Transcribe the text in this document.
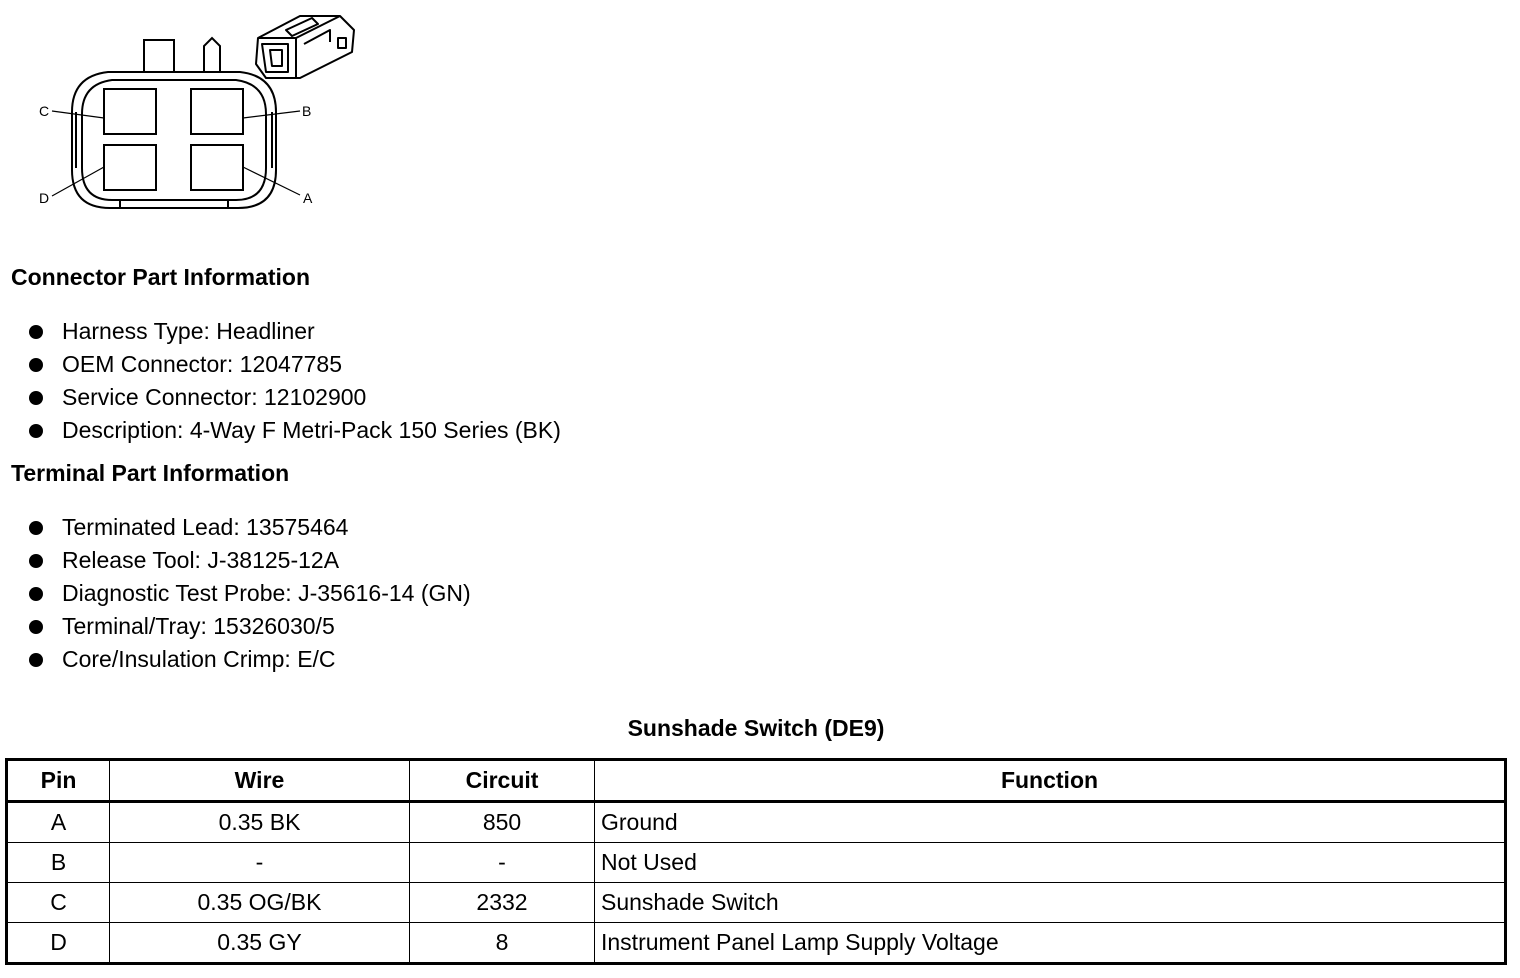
C	B
D	A
Connector Part Information
Harness Type: Headliner
OEM Connector: 12047785
Service Connector: 12102900
Description: 4-Way F Metri-Pack 150 Series (BK)
Terminal Part Information
Terminated Lead: 13575464
Release Tool: J-38125-12A
Diagnostic Test Probe: J-35616-14 (GN)
Terminal/Tray: 15326030/5
Core/Insulation Crimp: E/C
Sunshade Switch (DE9)
Pin	Wire	Circuit	Function
A	0.35 BK	850	Ground
B	-	-	Not Used
C	0.35 OG/BK	2332	Sunshade Switch
D	0.35 GY	8	Instrument Panel Lamp Supply Voltage
